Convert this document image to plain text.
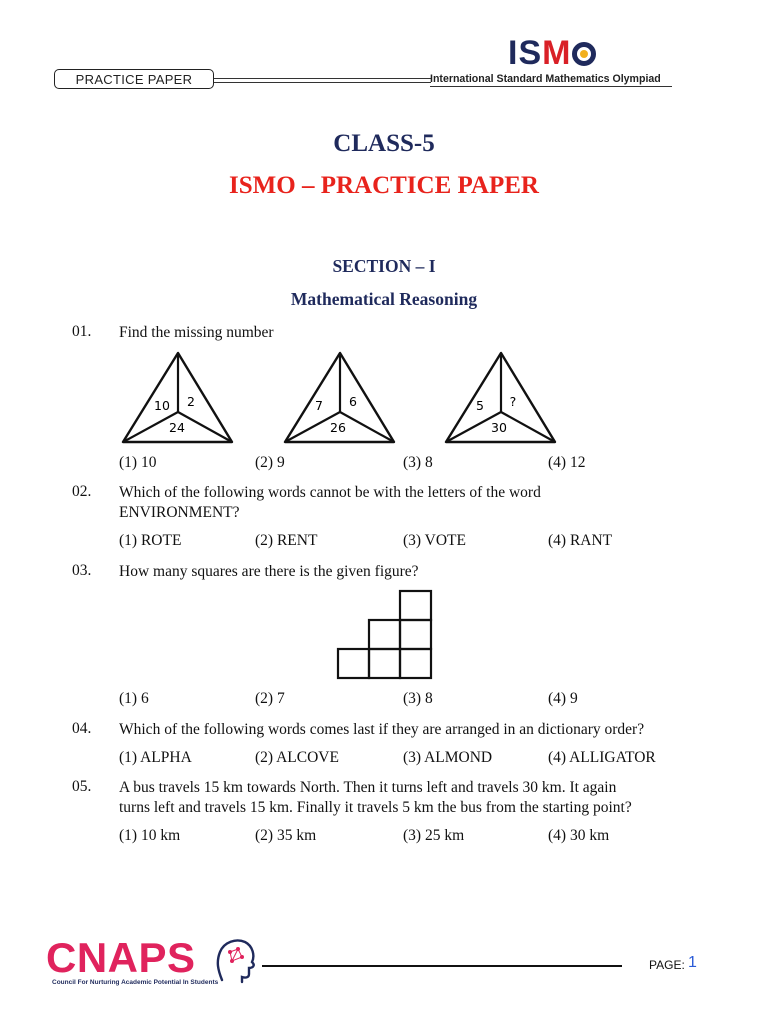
PRACTICE PAPER
ISM
International Standard Mathematics Olympiad
CLASS-5
ISMO – PRACTICE PAPER
SECTION – I
Mathematical Reasoning
01. Find the missing number
10 2
24
7 6
26
5 ?
30
(1) 10	(2) 9	(3) 8	(4) 12
02. Which of the following words cannot be with the letters of the word
ENVIRONMENT?
(1) ROTE	(2) RENT	(3) VOTE	(4) RANT
03. How many squares are there is the given figure?
(1) 6	(2) 7	(3) 8	(4) 9
04. Which of the following words comes last if they are arranged in an dictionary order?
(1) ALPHA	(2) ALCOVE	(3) ALMOND	(4) ALLIGATOR
05. A bus travels 15 km towards North. Then it turns left and travels 30 km. It again
turns left and travels 15 km. Finally it travels 5 km the bus from the starting point?
(1) 10 km	(2) 35 km	(3) 25 km	(4) 30 km
CNAPS
Council For Nurturing Academic Potential In Students
PAGE: 1
